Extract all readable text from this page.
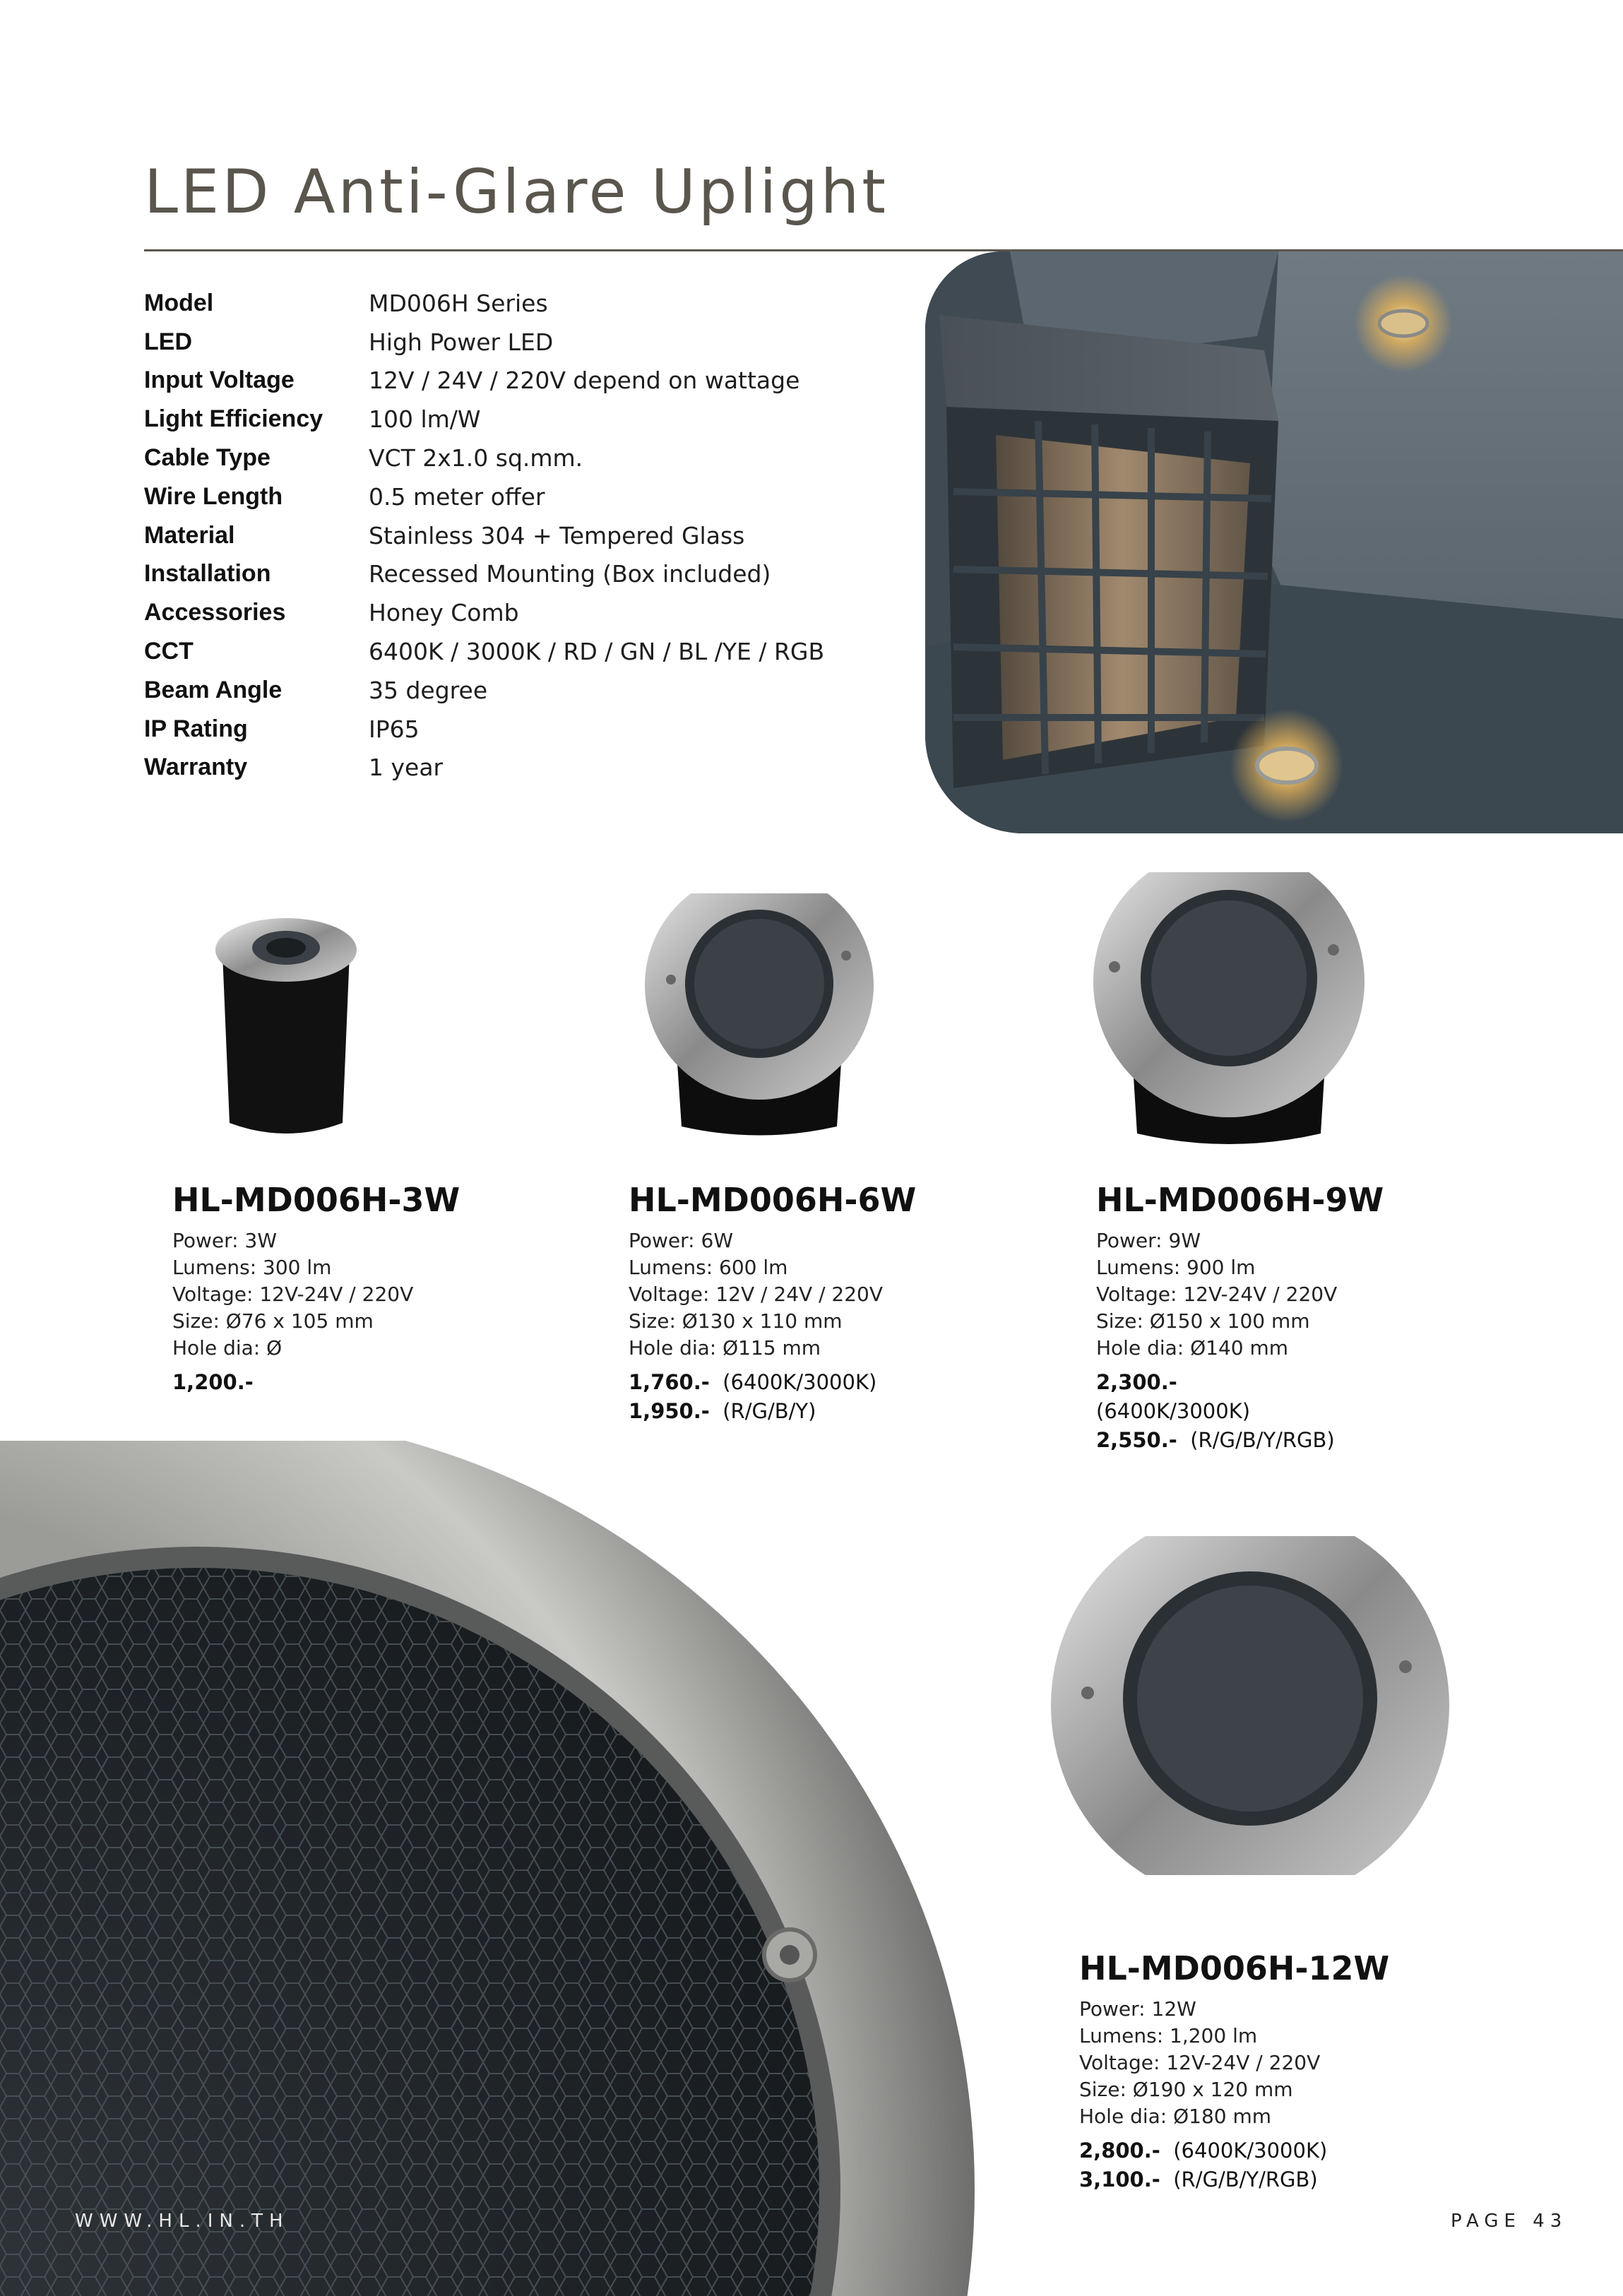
LED Anti-Glare Uplight
Model	MD006H Series
LED	High Power LED
Input Voltage	12V / 24V / 220V depend on wattage
Light Efficiency	100 lm/W
Cable Type	VCT 2x1.0 sq.mm.
Wire Length	0.5 meter offer
Material	Stainless 304 + Tempered Glass
Installation	Recessed Mounting (Box included)
Accessories	Honey Comb
CCT	6400K / 3000K / RD / GN / BL /YE / RGB
Beam Angle	35 degree
IP Rating	IP65
Warranty	1 year
HL-MD006H-3W
Power: 3W
Lumens: 300 lm
Voltage: 12V-24V / 220V
Size: Ø76 x 105 mm
Hole dia: Ø
1,200.-
HL-MD006H-6W
Power: 6W
Lumens: 600 lm
Voltage: 12V / 24V / 220V
Size: Ø130 x 110 mm
Hole dia: Ø115 mm
1,760.- (6400K/3000K)
1,950.- (R/G/B/Y)
HL-MD006H-9W
Power: 9W
Lumens: 900 lm
Voltage: 12V-24V / 220V
Size: Ø150 x 100 mm
Hole dia: Ø140 mm
2,300.-
(6400K/3000K)
2,550.- (R/G/B/Y/RGB)
HL-MD006H-12W
Power: 12W
Lumens: 1,200 lm
Voltage: 12V-24V / 220V
Size: Ø190 x 120 mm
Hole dia: Ø180 mm
2,800.- (6400K/3000K)
3,100.- (R/G/B/Y/RGB)
WWW.HL.IN.TH	PAGE 43
